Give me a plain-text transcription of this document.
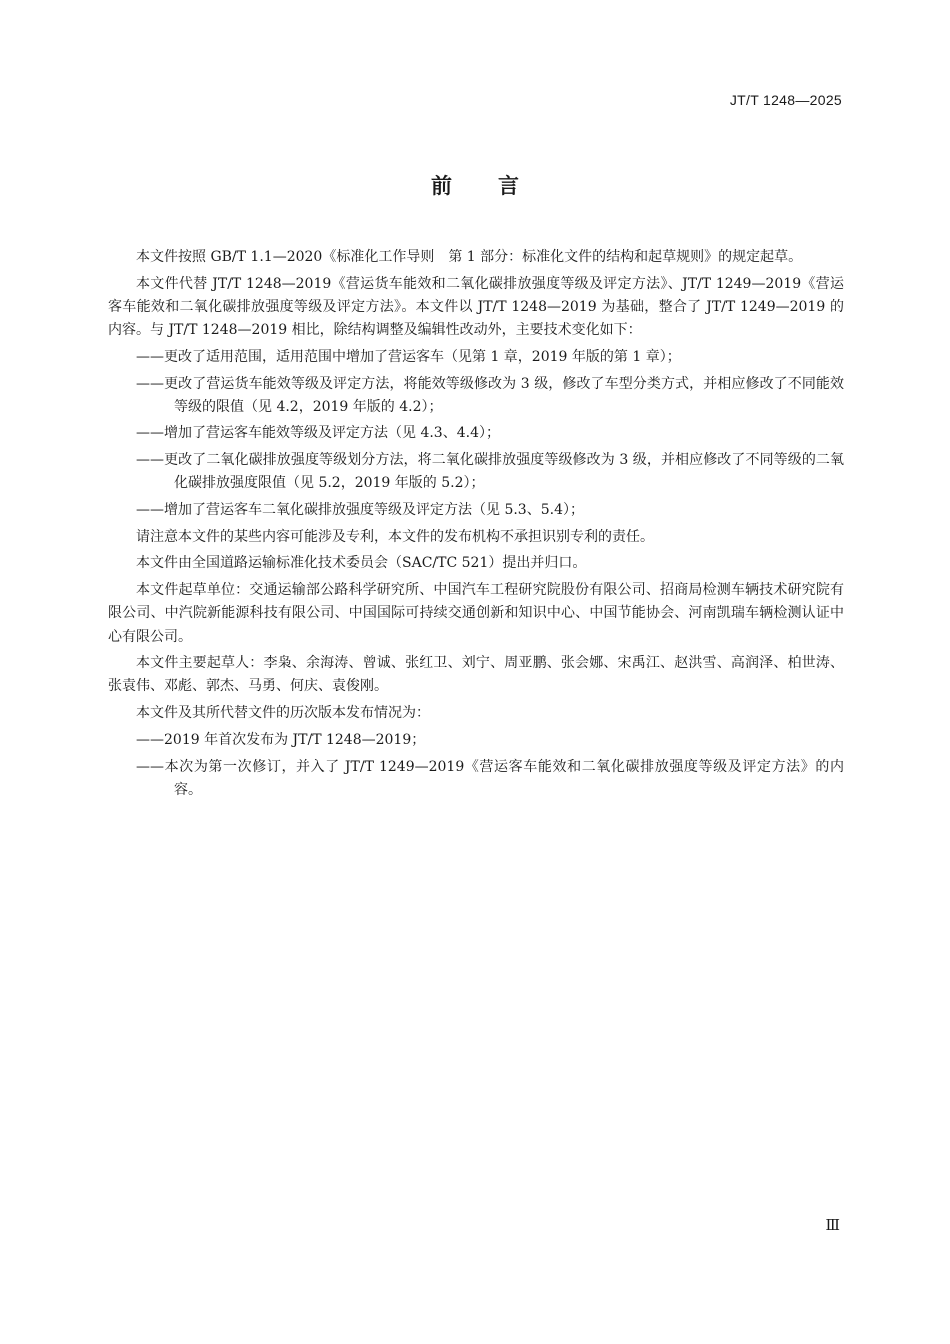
JT/T 1248—2025
前言

本文件按照 GB/T 1.1—2020《标准化工作导则　第 1 部分：标准化文件的结构和起草规则》的规定起草。

本文件代替 JT/T 1248—2019《营运货车能效和二氧化碳排放强度等级及评定方法》、JT/T 1249—2019《营运客车能效和二氧化碳排放强度等级及评定方法》。本文件以 JT/T 1248—2019 为基础，整合了 JT/T 1249—2019 的内容。与 JT/T 1248—2019 相比，除结构调整及编辑性改动外，主要技术变化如下：

——更改了适用范围，适用范围中增加了营运客车（见第 1 章，2019 年版的第 1 章）；

——更改了营运货车能效等级及评定方法，将能效等级修改为 3 级，修改了车型分类方式，并相应修改了不同能效等级的限值（见 4.2，2019 年版的 4.2）；

——增加了营运客车能效等级及评定方法（见 4.3、4.4）；

——更改了二氧化碳排放强度等级划分方法，将二氧化碳排放强度等级修改为 3 级，并相应修改了不同等级的二氧化碳排放强度限值（见 5.2，2019 年版的 5.2）；

——增加了营运客车二氧化碳排放强度等级及评定方法（见 5.3、5.4）；

请注意本文件的某些内容可能涉及专利，本文件的发布机构不承担识别专利的责任。

本文件由全国道路运输标准化技术委员会（SAC/TC 521）提出并归口。

本文件起草单位：交通运输部公路科学研究所、中国汽车工程研究院股份有限公司、招商局检测车辆技术研究院有限公司、中汽院新能源科技有限公司、中国国际可持续交通创新和知识中心、中国节能协会、河南凯瑞车辆检测认证中心有限公司。

本文件主要起草人：李枭、余海涛、曾诚、张红卫、刘宁、周亚鹏、张会娜、宋禹江、赵洪雪、高润泽、柏世涛、张袁伟、邓彪、郭杰、马勇、何庆、袁俊刚。

本文件及其所代替文件的历次版本发布情况为：

——2019 年首次发布为 JT/T 1248—2019；

——本次为第一次修订，并入了 JT/T 1249—2019《营运客车能效和二氧化碳排放强度等级及评定方法》的内容。

Ⅲ
